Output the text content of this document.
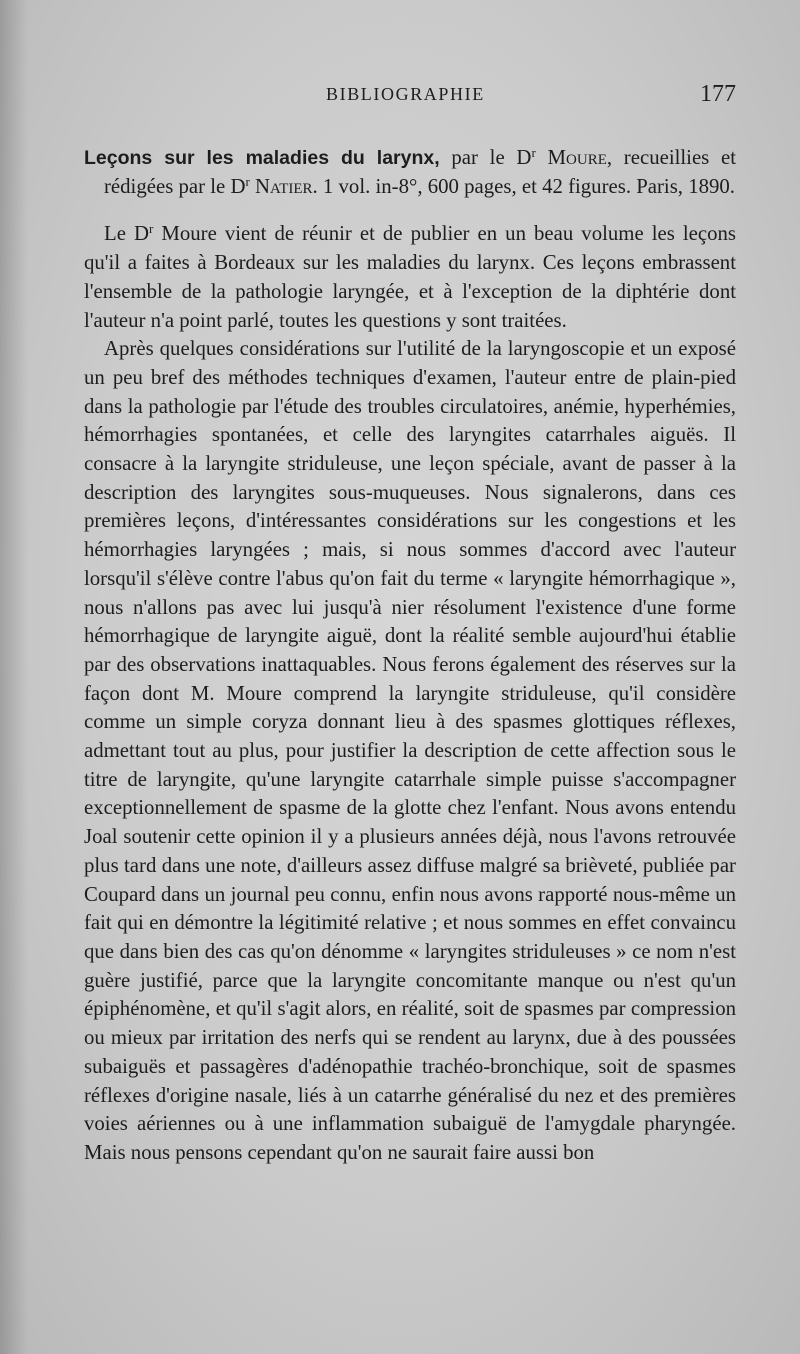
BIBLIOGRAPHIE	177

Leçons sur les maladies du larynx, par le $D^r$ Moure, recueillies et rédigées par le $D^r$ Natier. 1 vol. in-8°, 600 pages, et 42 figures. Paris, 1890.

Le $D^r$ Moure vient de réunir et de publier en un beau volume les leçons qu'il a faites à Bordeaux sur les maladies du larynx. Ces leçons embrassent l'ensemble de la pathologie laryngée, et à l'exception de la diphtérie dont l'auteur n'a point parlé, toutes les questions y sont traitées.

Après quelques considérations sur l'utilité de la laryngoscopie et un exposé un peu bref des méthodes techniques d'examen, l'auteur entre de plain-pied dans la pathologie par l'étude des troubles circulatoires, anémie, hyperhémies, hémorrhagies spontanées, et celle des laryngites catarrhales aiguës. Il consacre à la laryngite striduleuse, une leçon spéciale, avant de passer à la description des laryngites sous-muqueuses. Nous signalerons, dans ces premières leçons, d'intéressantes considérations sur les congestions et les hémorrhagies laryngées ; mais, si nous sommes d'accord avec l'auteur lorsqu'il s'élève contre l'abus qu'on fait du terme « laryngite hémorrhagique », nous n'allons pas avec lui jusqu'à nier résolument l'existence d'une forme hémorrhagique de laryngite aiguë, dont la réalité semble aujourd'hui établie par des observations inattaquables. Nous ferons également des réserves sur la façon dont M. Moure comprend la laryngite striduleuse, qu'il considère comme un simple coryza donnant lieu à des spasmes glottiques réflexes, admettant tout au plus, pour justifier la description de cette affection sous le titre de laryngite, qu'une laryngite catarrhale simple puisse s'accompagner exceptionnellement de spasme de la glotte chez l'enfant. Nous avons entendu Joal soutenir cette opinion il y a plusieurs années déjà, nous l'avons retrouvée plus tard dans une note, d'ailleurs assez diffuse malgré sa brièveté, publiée par Coupard dans un journal peu connu, enfin nous avons rapporté nous-même un fait qui en démontre la légitimité relative ; et nous sommes en effet convaincu que dans bien des cas qu'on dénomme « laryngites striduleuses » ce nom n'est guère justifié, parce que la laryngite concomitante manque ou n'est qu'un épiphénomène, et qu'il s'agit alors, en réalité, soit de spasmes par compression ou mieux par irritation des nerfs qui se rendent au larynx, due à des poussées subaiguës et passagères d'adénopathie trachéo-bronchique, soit de spasmes réflexes d'origine nasale, liés à un catarrhe généralisé du nez et des premières voies aériennes ou à une inflammation subaiguë de l'amygdale pharyngée. Mais nous pensons cependant qu'on ne saurait faire aussi bon
